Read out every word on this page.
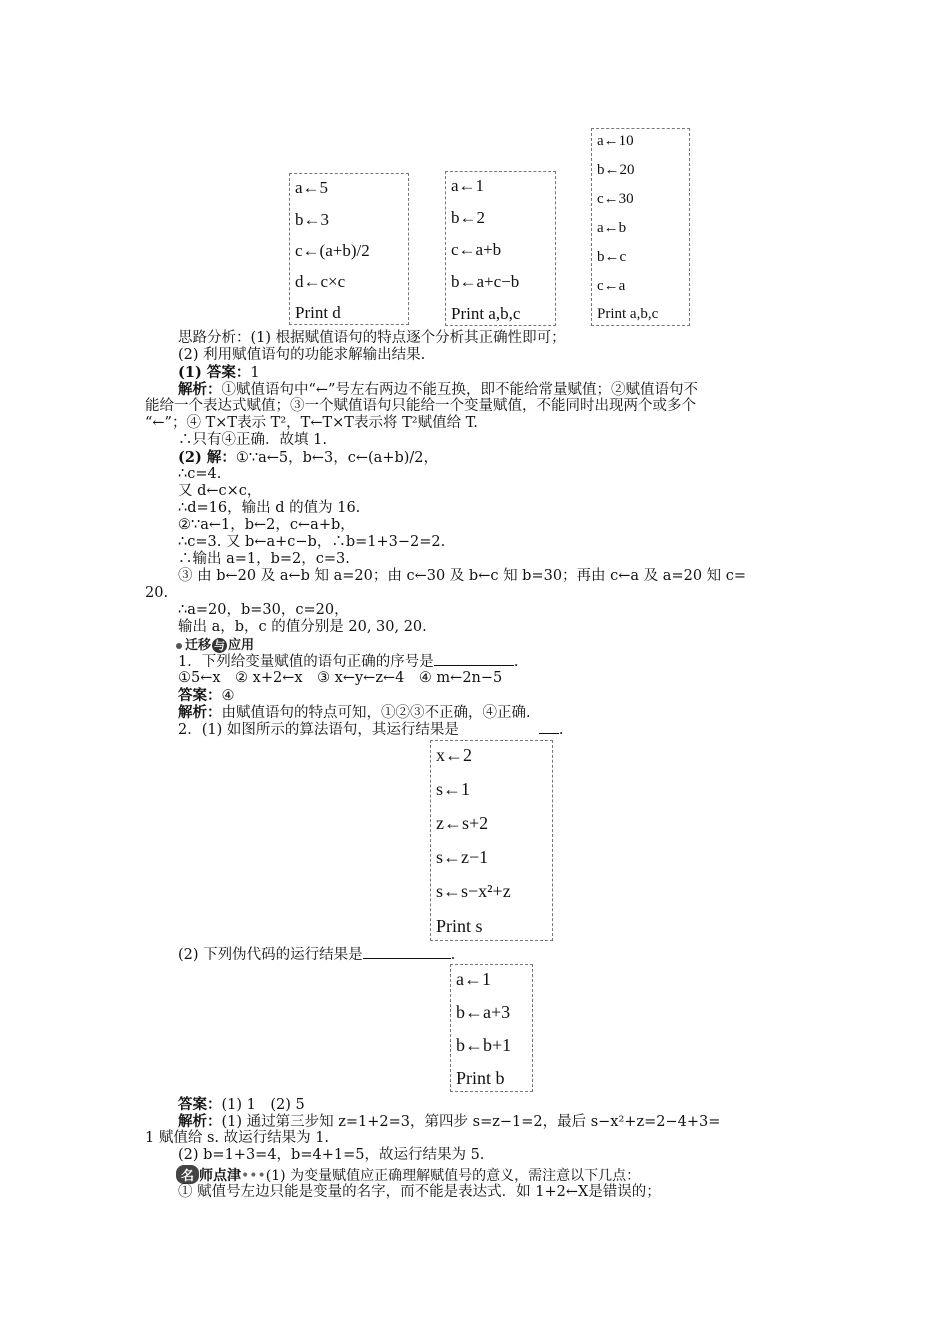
a←5
b←3
c←(a+b)/2
d←c×c
Print d
a←1
b←2
c←a+b
b←a+c−b
Print a,b,c
a←10
b←20
c←30
a←b
b←c
c←a
Print a,b,c
思路分析：(1) 根据赋值语句的特点逐个分析其正确性即可；
(2) 利用赋值语句的功能求解输出结果.
(1) 答案：1
解析：①赋值语句中“←”号左右两边不能互换，即不能给常量赋值；②赋值语句不
能给一个表达式赋值；③一个赋值语句只能给一个变量赋值，不能同时出现两个或多个
“←”；④ T×T表示 T²，T←T×T表示将 T²赋值给 T.
∴只有④正确．故填 1.
(2) 解：①∵a←5，b←3，c←(a+b)/2，
∴c=4.
又 d←c×c，
∴d=16，输出 d 的值为 16.
②∵a←1，b←2，c←a+b，
∴c=3. 又 b←a+c−b，∴b=1+3−2=2.
∴输出 a=1，b=2，c=3.
③ 由 b←20 及 a←b 知 a=20；由 c←30 及 b←c 知 b=30；再由 c←a 及 a=20 知 c=
20.
∴a=20，b=30，c=20，
输出 a，b，c 的值分别是 20, 30, 20.
迁移 与 应用
1．下列给变量赋值的语句正确的序号是	.
①5←x　② x+2←x　③ x←y←z←4　④ m←2n−5
答案：④
解析：由赋值语句的特点可知，①②③不正确，④正确.
2．(1) 如图所示的算法语句，其运行结果是	.
x←2
s←1
z←s+2
s←z−1
s←s−x²+z
Print s
(2) 下列伪代码的运行结果是	.
a←1
b←a+3
b←b+1
Print b
答案：(1) 1　(2) 5
解析：(1) 通过第三步知 z=1+2=3，第四步 s=z−1=2，最后 s−x²+z=2−4+3=
1 赋值给 s. 故运行结果为 1.
(2) b=1+3=4，b=4+1=5，故运行结果为 5.
名 师点津•••(1) 为变量赋值应正确理解赋值号的意义，需注意以下几点：
① 赋值号左边只能是变量的名字，而不能是表达式．如 1+2←X是错误的；
